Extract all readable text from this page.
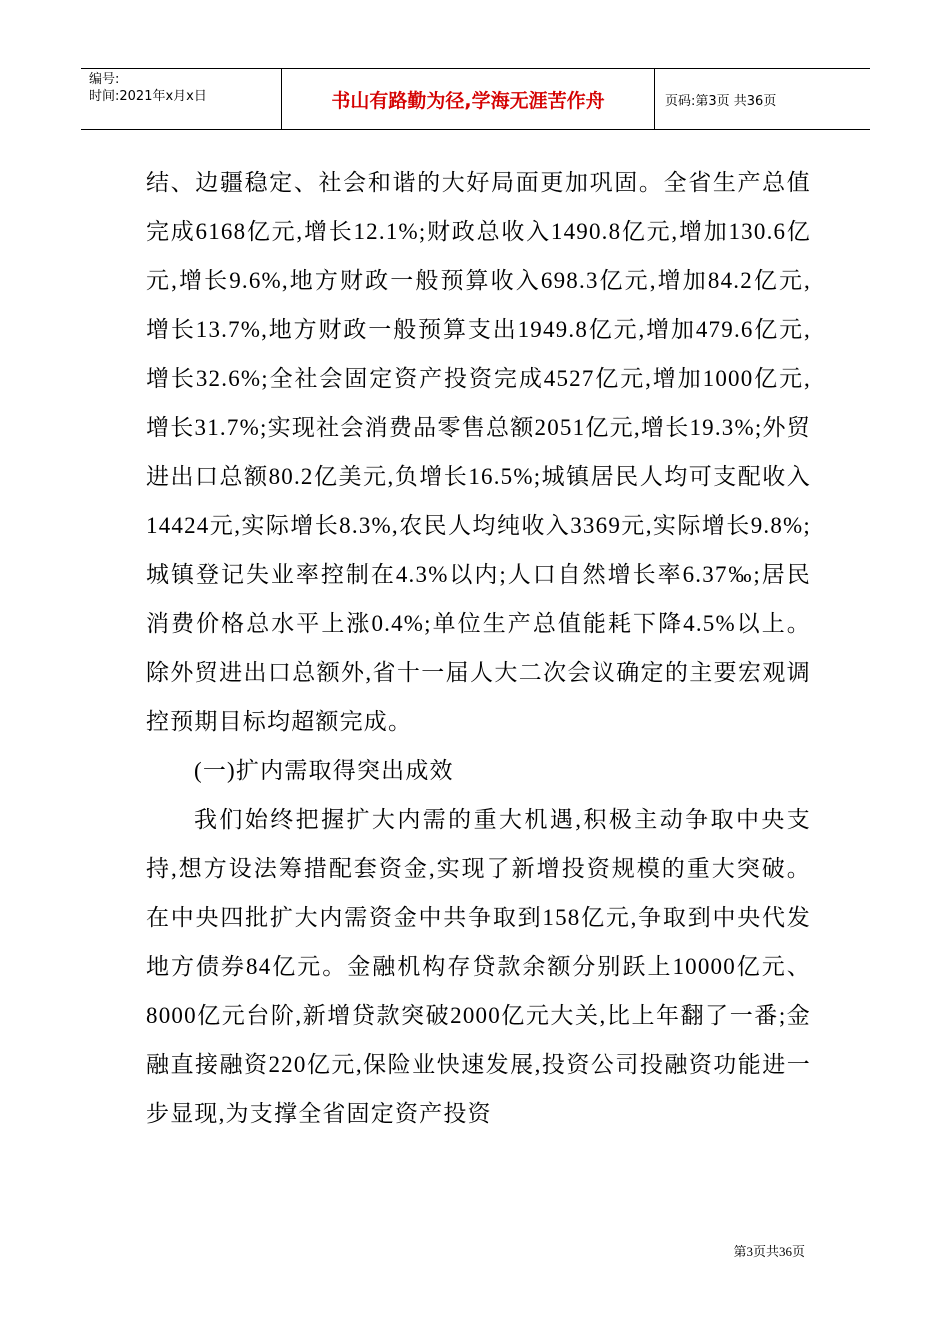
编号:
时间:2021年x月x日	书山有路勤为径,学海无涯苦作舟	页码:第3页 共36页

结、边疆稳定、社会和谐的大好局面更加巩固。全省生产总值完成6168亿元,增长12.1%;财政总收入1490.8亿元,增加130.6亿元,增长9.6%,地方财政一般预算收入698.3亿元,增加84.2亿元,增长13.7%,地方财政一般预算支出1949.8亿元,增加479.6亿元,增长32.6%;全社会固定资产投资完成4527亿元,增加1000亿元,增长31.7%;实现社会消费品零售总额2051亿元,增长19.3%;外贸进出口总额80.2亿美元,负增长16.5%;城镇居民人均可支配收入14424元,实际增长8.3%,农民人均纯收入3369元,实际增长9.8%;城镇登记失业率控制在4.3%以内;人口自然增长率6.37‰;居民消费价格总水平上涨0.4%;单位生产总值能耗下降4.5%以上。除外贸进出口总额外,省十一届人大二次会议确定的主要宏观调控预期目标均超额完成。

(一)扩内需取得突出成效

我们始终把握扩大内需的重大机遇,积极主动争取中央支持,想方设法筹措配套资金,实现了新增投资规模的重大突破。在中央四批扩大内需资金中共争取到158亿元,争取到中央代发地方债券84亿元。金融机构存贷款余额分别跃上10000亿元、8000亿元台阶,新增贷款突破2000亿元大关,比上年翻了一番;金融直接融资220亿元,保险业快速发展,投资公司投融资功能进一步显现,为支撑全省固定资产投资

第3页共36页
